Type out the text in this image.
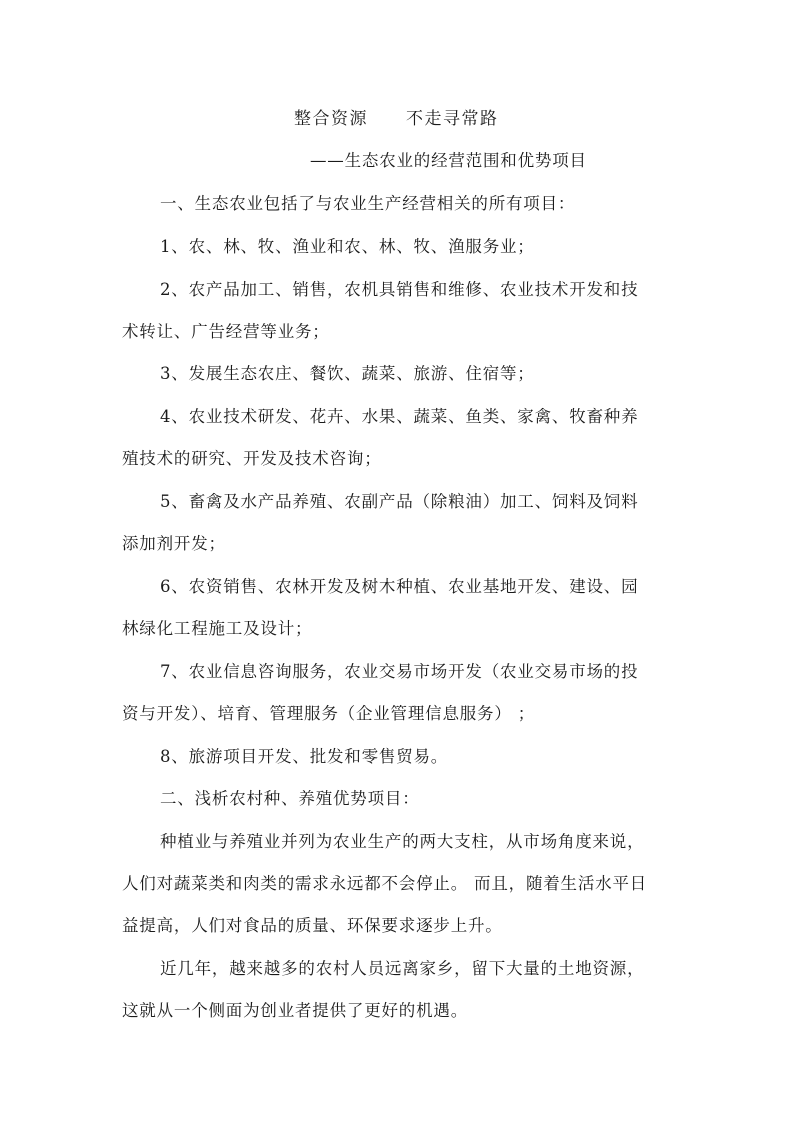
整合资源 不走寻常路
——生态农业的经营范围和优势项目
一、生态农业包括了与农业生产经营相关的所有项目：
1、农、林、牧、渔业和农、林、牧、渔服务业；
2、农产品加工、销售，农机具销售和维修、农业技术开发和技
术转让、广告经营等业务；
3、发展生态农庄、餐饮、蔬菜、旅游、住宿等；
4、农业技术研发、花卉、水果、蔬菜、鱼类、家禽、牧畜种养
殖技术的研究、开发及技术咨询；
5、畜禽及水产品养殖、农副产品（除粮油）加工、饲料及饲料
添加剂开发；
6、农资销售、农林开发及树木种植、农业基地开发、建设、园
林绿化工程施工及设计；
7、农业信息咨询服务，农业交易市场开发（农业交易市场的投
资与开发）、培育、管理服务（企业管理信息服务） ；
8、旅游项目开发、批发和零售贸易。
二、浅析农村种、养殖优势项目：
种植业与养殖业并列为农业生产的两大支柱，从市场角度来说，
人们对蔬菜类和肉类的需求永远都不会停止。 而且，随着生活水平日
益提高，人们对食品的质量、环保要求逐步上升。
近几年，越来越多的农村人员远离家乡，留下大量的土地资源，
这就从一个侧面为创业者提供了更好的机遇。
